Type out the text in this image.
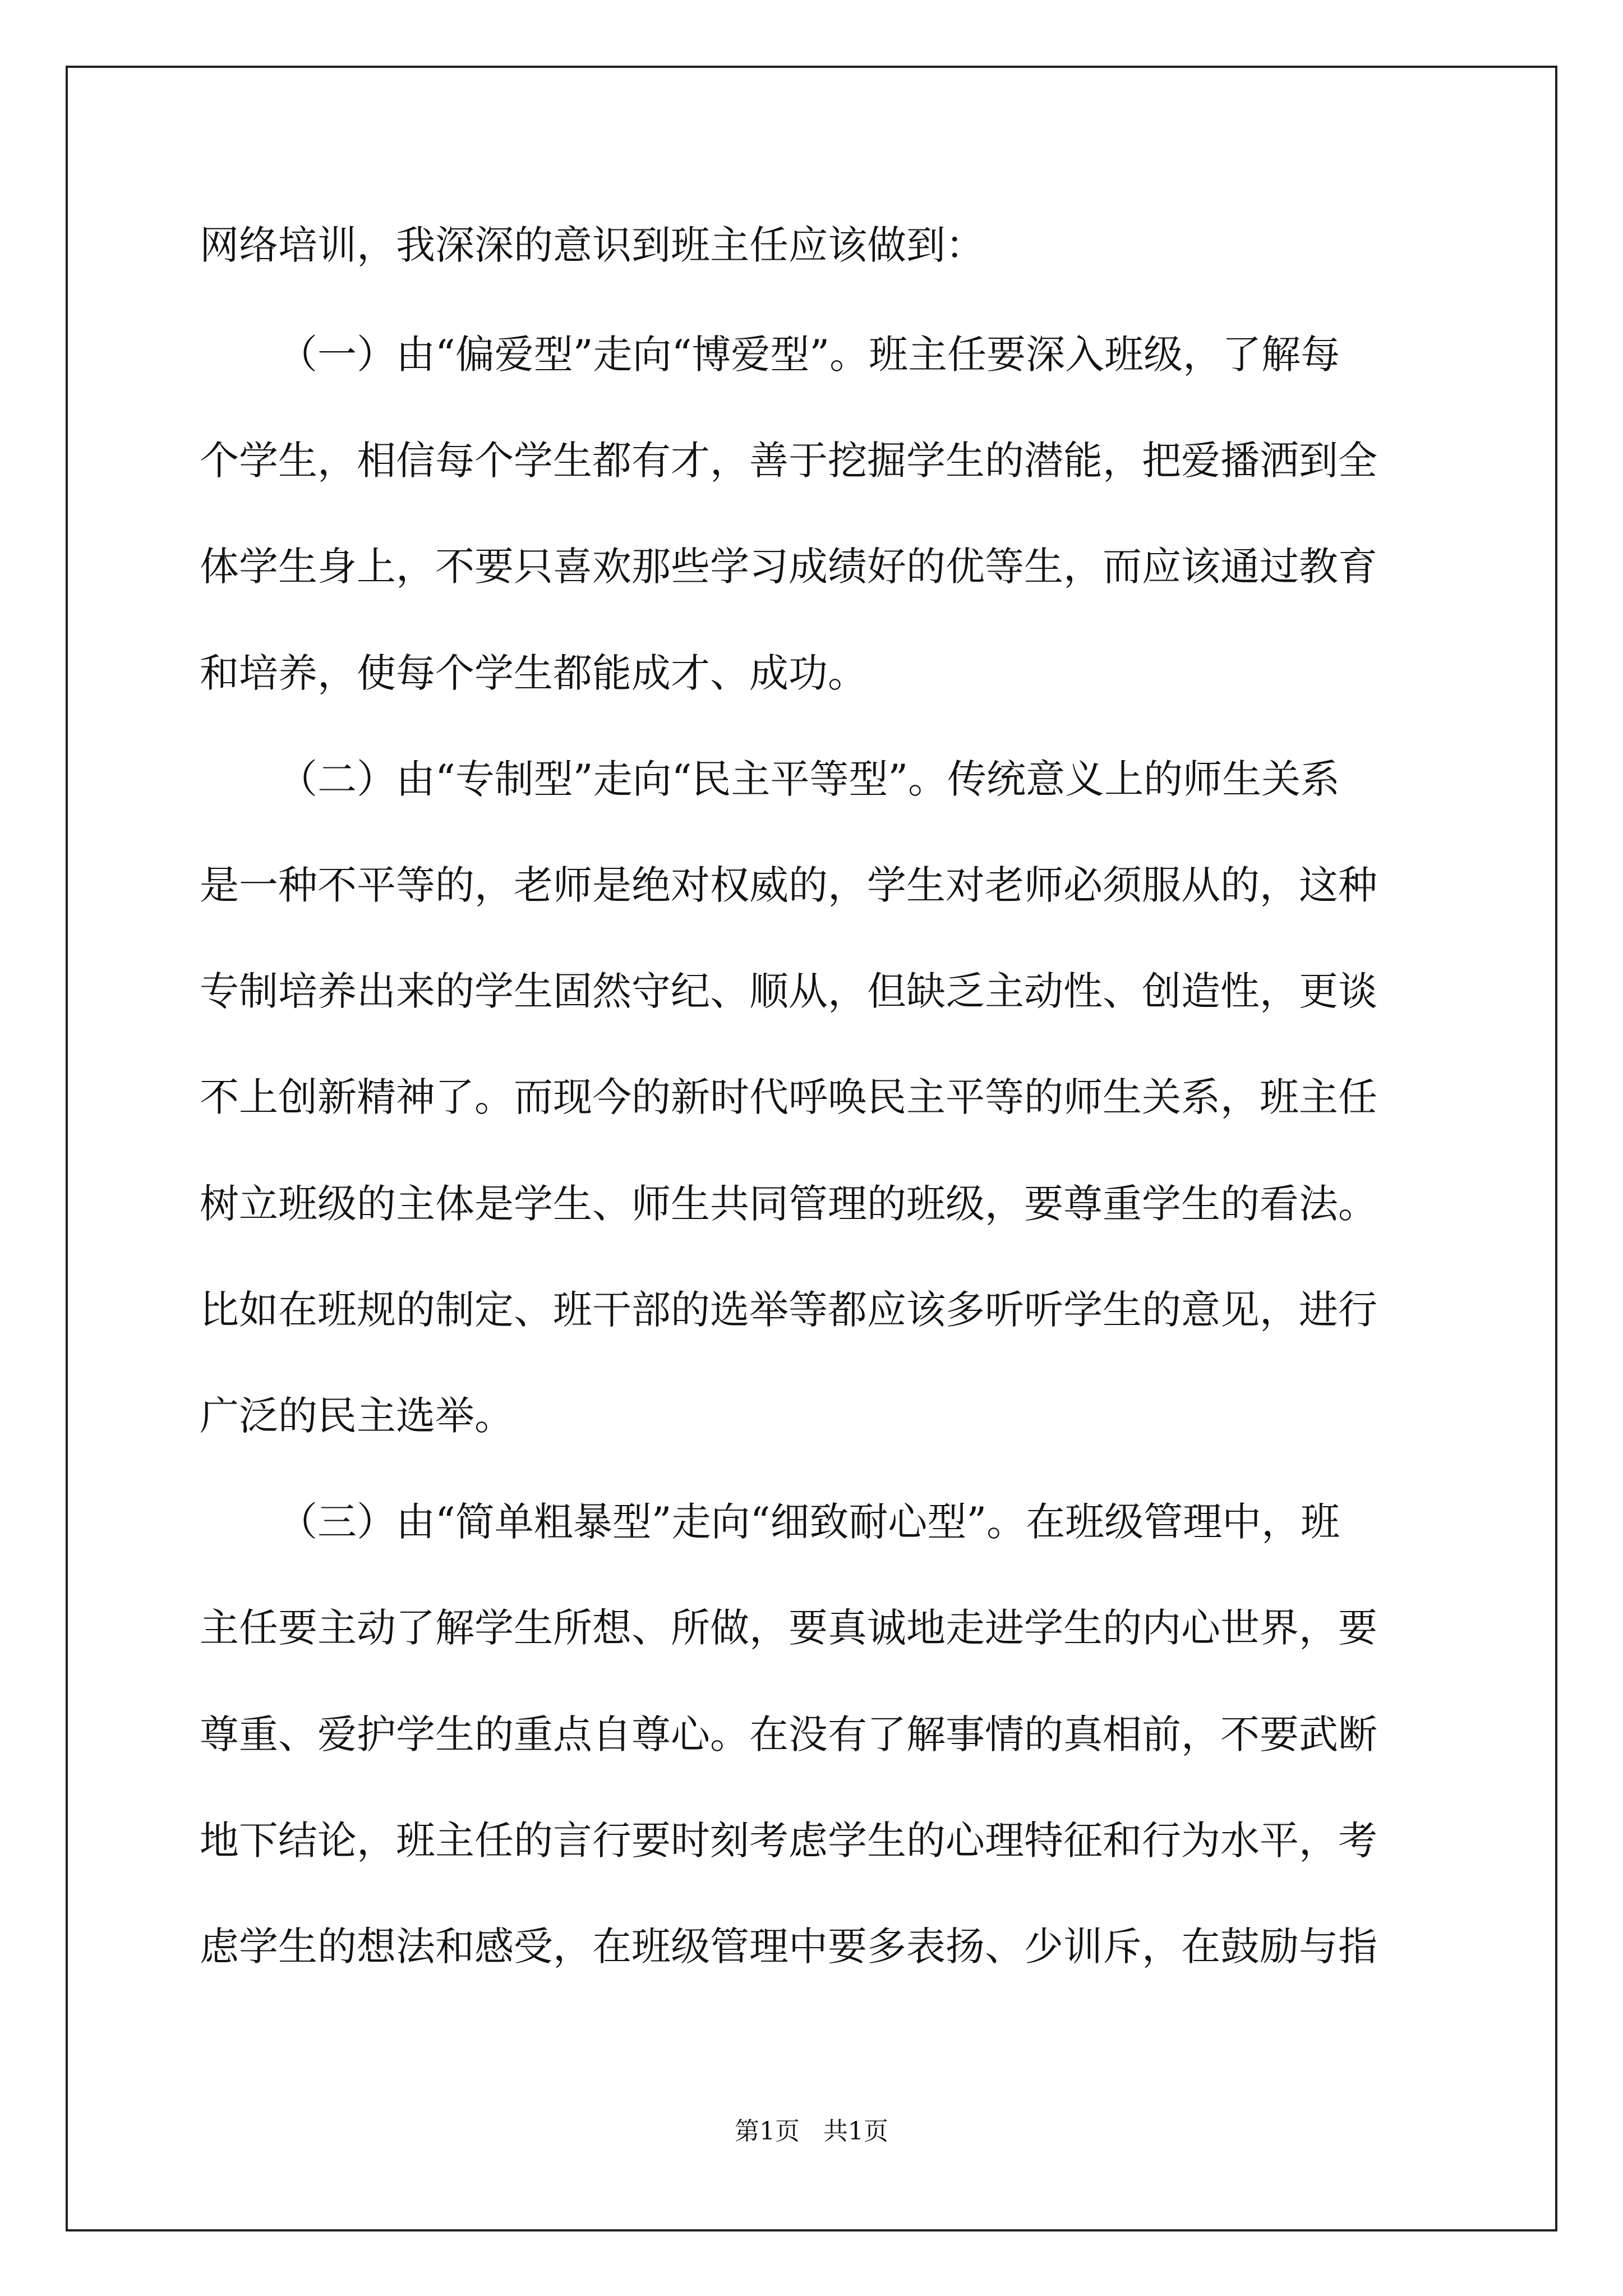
网络培训，我深深的意识到班主任应该做到：

（一）由“偏爱型”走向“博爱型”。班主任要深入班级，了解每

个学生，相信每个学生都有才，善于挖掘学生的潜能，把爱播洒到全

体学生身上，不要只喜欢那些学习成绩好的优等生，而应该通过教育

和培养，使每个学生都能成才、成功。

（二）由“专制型”走向“民主平等型”。传统意义上的师生关系

是一种不平等的，老师是绝对权威的，学生对老师必须服从的，这种

专制培养出来的学生固然守纪、顺从，但缺乏主动性、创造性，更谈

不上创新精神了。而现今的新时代呼唤民主平等的师生关系，班主任

树立班级的主体是学生、师生共同管理的班级，要尊重学生的看法。

比如在班规的制定、班干部的选举等都应该多听听学生的意见，进行

广泛的民主选举。

（三）由“简单粗暴型”走向“细致耐心型”。在班级管理中，班

主任要主动了解学生所想、所做，要真诚地走进学生的内心世界，要

尊重、爱护学生的重点自尊心。在没有了解事情的真相前，不要武断

地下结论，班主任的言行要时刻考虑学生的心理特征和行为水平，考

虑学生的想法和感受，在班级管理中要多表扬、少训斥，在鼓励与指

第1页   共1页
